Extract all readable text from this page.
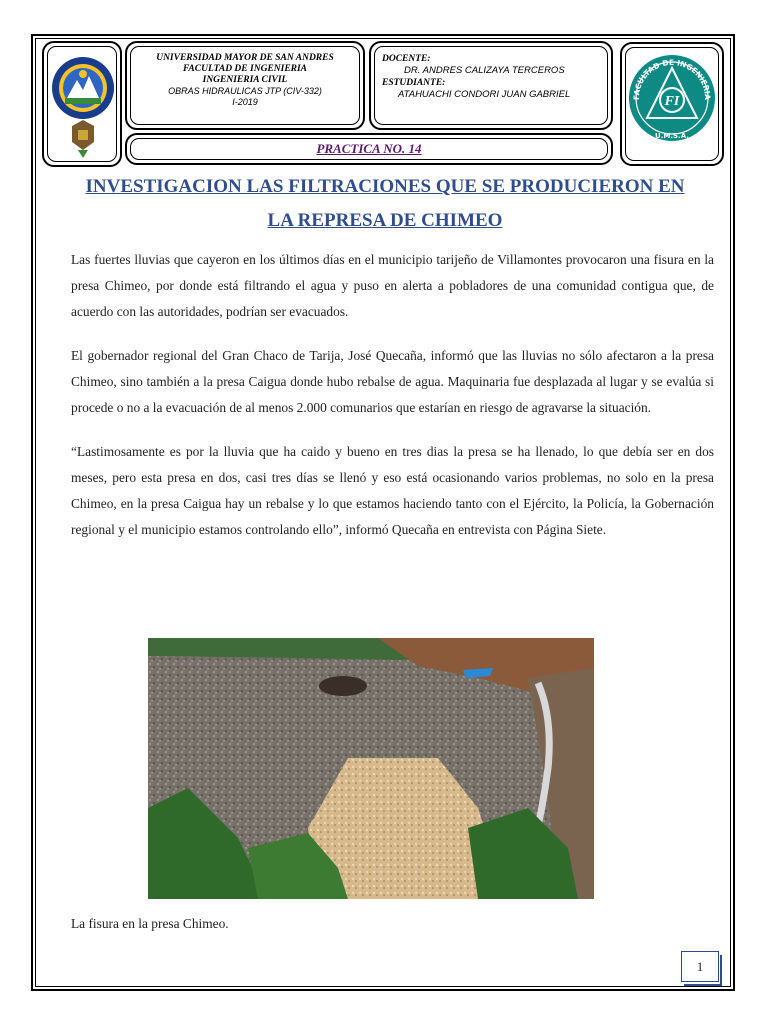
UNIVERSIDAD MAYOR DE SAN ANDRES
FACULTAD DE INGENIERIA
INGENIERIA CIVIL
OBRAS HIDRAULICAS JTP (CIV-332)
I-2019
DOCENTE:
DR. ANDRES CALIZAYA TERCEROS
ESTUDIANTE:
ATAHUACHI CONDORI JUAN GABRIEL	FACULTAD DE INGENIERIA
FI
U.M.S.A.
PRACTICA NO. 14
INVESTIGACION LAS FILTRACIONES QUE SE PRODUCIERON EN
LA REPRESA DE CHIMEO

Las fuertes lluvias que cayeron en los últimos días en el municipio tarijeño de Villamontes provocaron una fisura en la presa Chimeo, por donde está filtrando el agua y puso en alerta a pobladores de una comunidad contigua que, de acuerdo con las autoridades, podrían ser evacuados.

El gobernador regional del Gran Chaco de Tarija, José Quecaña, informó que las lluvias no sólo afectaron a la presa Chimeo, sino también a la presa Caigua donde hubo rebalse de agua. Maquinaria fue desplazada al lugar y se evalúa si procede o no a la evacuación de al menos 2.000 comunarios que estarían en riesgo de agravarse la situación.

“Lastimosamente es por la lluvia que ha caido y bueno en tres dias la presa se ha llenado, lo que debía ser en dos meses, pero esta presa en dos, casi tres días se llenó y eso está ocasionando varios problemas, no solo en la presa Chimeo, en la presa Caigua hay un rebalse y lo que estamos haciendo tanto con el Ejército, la Policía, la Gobernación regional y el municipio estamos controlando ello”, informó Quecaña en entrevista con Página Siete.

La fisura en la presa Chimeo.
1
